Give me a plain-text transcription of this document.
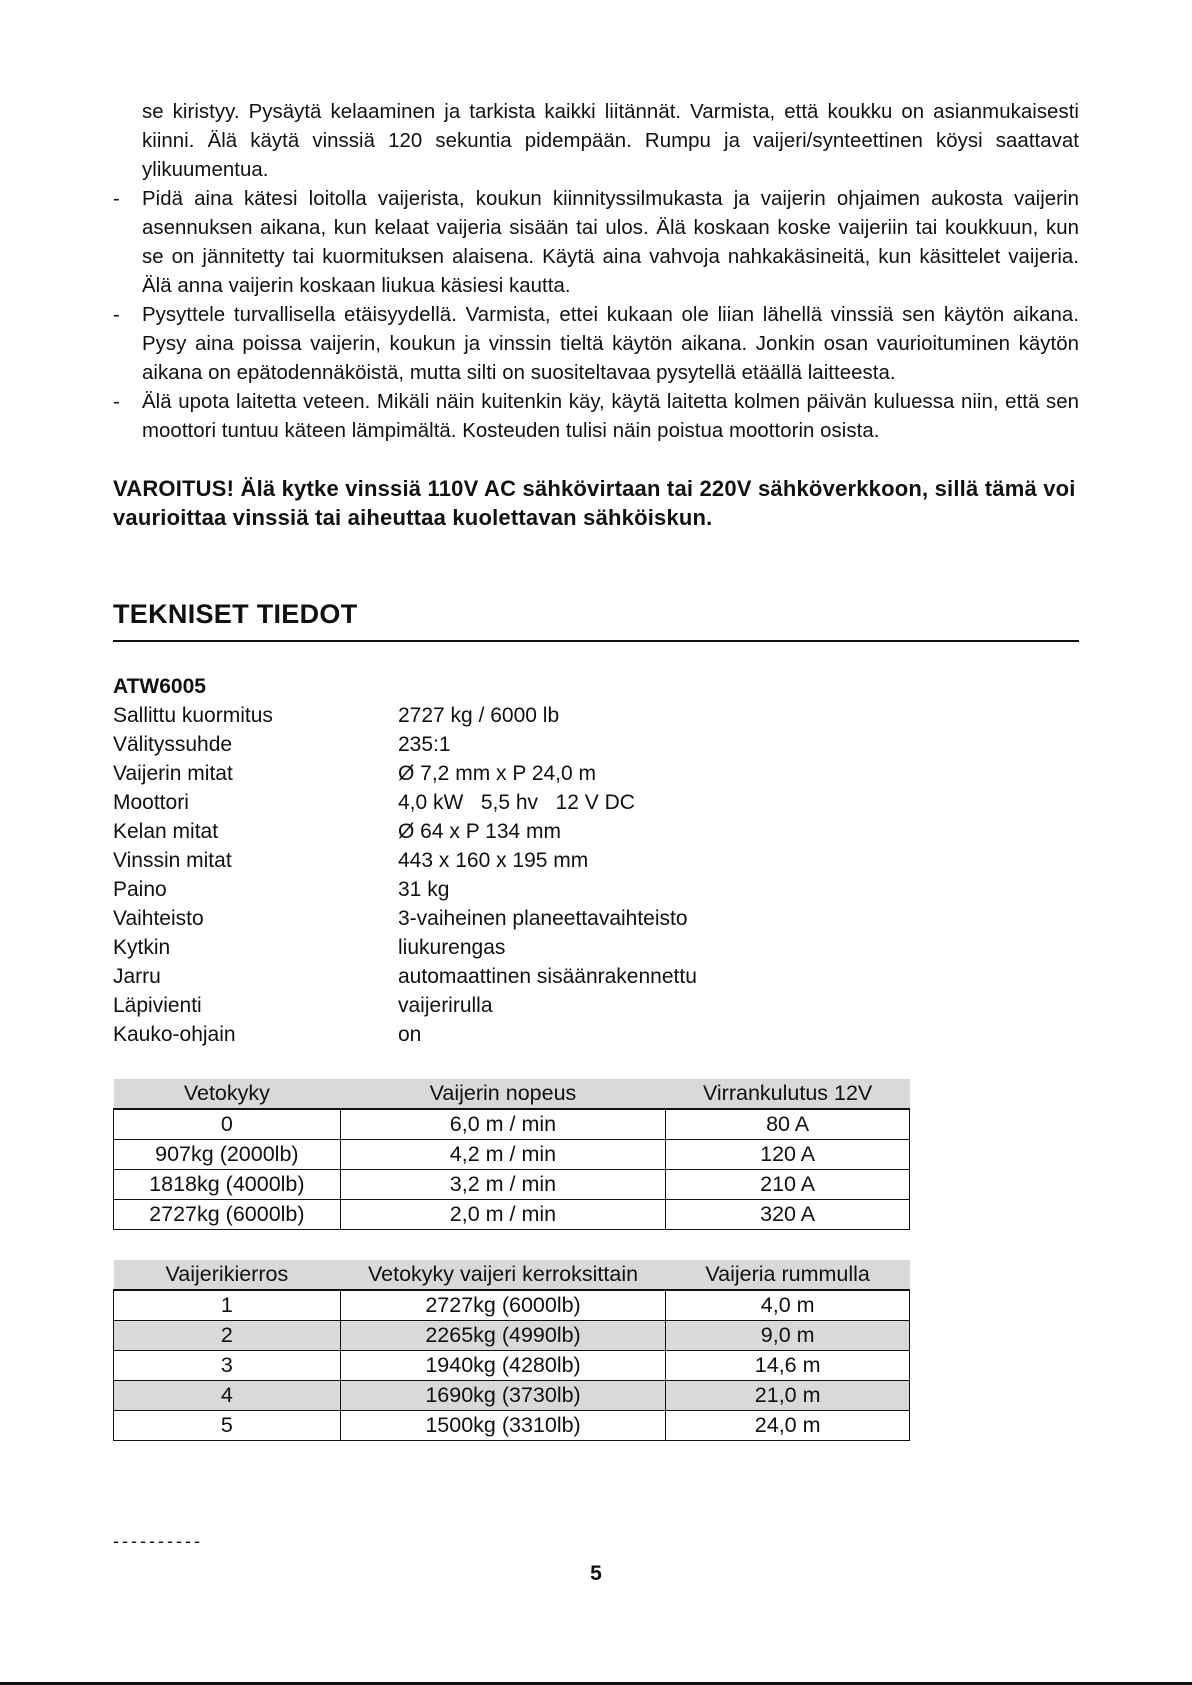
se kiristyy. Pysäytä kelaaminen ja tarkista kaikki liitännät. Varmista, että koukku on asianmukaisesti kiinni. Älä käytä vinssiä 120 sekuntia pidempään. Rumpu ja vaijeri/synteettinen köysi saattavat ylikuumentua.
- Pidä aina kätesi loitolla vaijerista, koukun kiinnityssilmukasta ja vaijerin ohjaimen aukosta vaijerin asennuksen aikana, kun kelaat vaijeria sisään tai ulos. Älä koskaan koske vaijeriin tai koukkuun, kun se on jännitetty tai kuormituksen alaisena. Käytä aina vahvoja nahkakäsineitä, kun käsittelet vaijeria. Älä anna vaijerin koskaan liukua käsiesi kautta.
- Pysyttele turvallisella etäisyydellä. Varmista, ettei kukaan ole liian lähellä vinssiä sen käytön aikana. Pysy aina poissa vaijerin, koukun ja vinssin tieltä käytön aikana. Jonkin osan vaurioituminen käytön aikana on epätodennäköistä, mutta silti on suositeltavaa pysytellä etäällä laitteesta.
- Älä upota laitetta veteen. Mikäli näin kuitenkin käy, käytä laitetta kolmen päivän kuluessa niin, että sen moottori tuntuu käteen lämpimältä. Kosteuden tulisi näin poistua moottorin osista.
VAROITUS! Älä kytke vinssiä 110V AC sähkövirtaan tai 220V sähköverkkoon, sillä tämä voi vaurioittaa vinssiä tai aiheuttaa kuolettavan sähköiskun.
TEKNISET TIEDOT
ATW6005
Sallittu kuormitus	2727 kg / 6000 lb
Välityssuhde	235:1
Vaijerin mitat	Ø 7,2 mm x P 24,0 m
Moottori	4,0 kW   5,5 hv   12 V DC
Kelan mitat	Ø 64 x P 134 mm
Vinssin mitat	443 x 160 x 195 mm
Paino	31 kg
Vaihteisto	3-vaiheinen planeettavaihteisto
Kytkin	liukurengas
Jarru	automaattinen sisäänrakennettu
Läpivienti	vaijerirulla
Kauko-ohjain	on
Vetokyky	Vaijerin nopeus	Virrankulutus 12V
0	6,0 m / min	80 A
907kg (2000lb)	4,2 m / min	120 A
1818kg (4000lb)	3,2 m / min	210 A
2727kg (6000lb)	2,0 m / min	320 A
Vaijerikierros	Vetokyky vaijeri kerroksittain	Vaijeria rummulla
1	2727kg (6000lb)	4,0 m
2	2265kg (4990lb)	9,0 m
3	1940kg (4280lb)	14,6 m
4	1690kg (3730lb)	21,0 m
5	1500kg (3310lb)	24,0 m
----------
5
